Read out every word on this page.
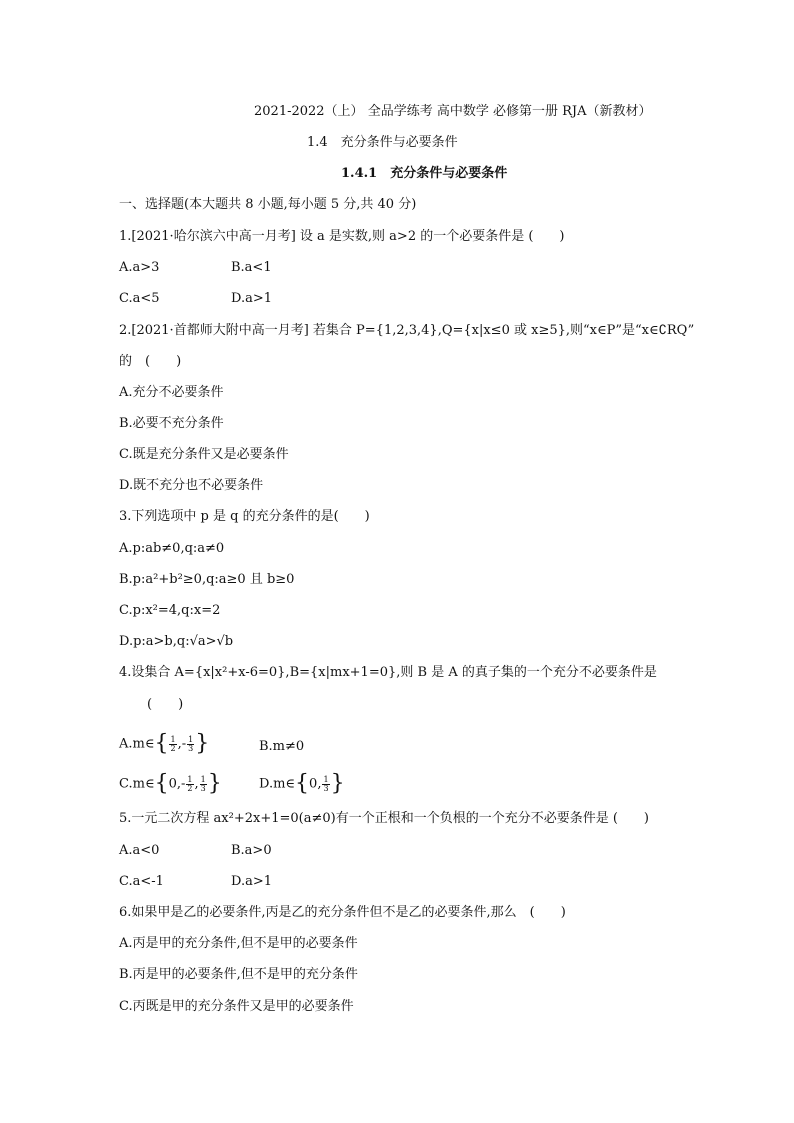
2021-2022（上） 全品学练考 高中数学 必修第一册 RJA（新教材）
1.4　充分条件与必要条件
1.4.1　充分条件与必要条件
一、选择题(本大题共 8 小题,每小题 5 分,共 40 分)
1.[2021·哈尔滨六中高一月考] 设 a 是实数,则 a>2 的一个必要条件是 (　　)
A.a>3	B.a<1
C.a<5	D.a>1
2.[2021·首都师大附中高一月考] 若集合 P={1,2,3,4},Q={x|x≤0 或 x≥5},则“x∈P”是“x∈∁RQ”
的　(　　)
A.充分不必要条件
B.必要不充分条件
C.既是充分条件又是必要条件
D.既不充分也不必要条件
3.下列选项中 p 是 q 的充分条件的是(　　)
A.p:ab≠0,q:a≠0
B.p:a²+b²≥0,q:a≥0 且 b≥0
C.p:x²=4,q:x=2
D.p:a>b,q:√a>√b
4.设集合 A={x|x²+x-6=0},B={x|mx+1=0},则 B 是 A 的真子集的一个充分不必要条件是
(　　)
A.m∈{ $\frac{1}{2}$ ,- $\frac{1}{3}$ }	B.m≠0
C.m∈{0,- $\frac{1}{2}$ , $\frac{1}{3}$ }	D.m∈{0, $\frac{1}{3}$ }
5.一元二次方程 ax²+2x+1=0(a≠0)有一个正根和一个负根的一个充分不必要条件是 (　　)
A.a<0	B.a>0
C.a<-1	D.a>1
6.如果甲是乙的必要条件,丙是乙的充分条件但不是乙的必要条件,那么　(　　)
A.丙是甲的充分条件,但不是甲的必要条件
B.丙是甲的必要条件,但不是甲的充分条件
C.丙既是甲的充分条件又是甲的必要条件
